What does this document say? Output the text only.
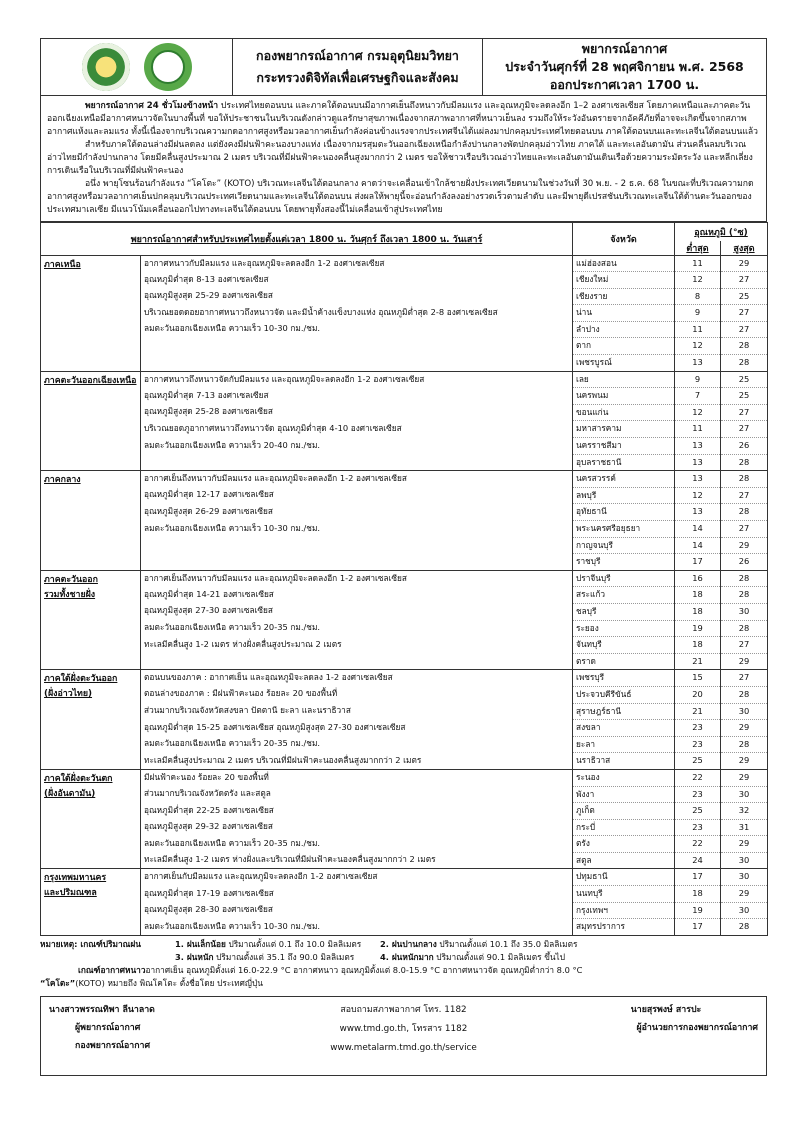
กองพยากรณ์อากาศ กรมอุตุนิยมวิทยา
กระทรวงดิจิทัลเพื่อเศรษฐกิจและสังคม
พยากรณ์อากาศ
ประจำวันศุกร์ที่ 28 พฤศจิกายน พ.ศ. 2568
ออกประกาศเวลา 1700 น.

พยากรณ์อากาศ 24 ชั่วโมงข้างหน้า ประเทศไทยตอนบน และภาคใต้ตอนบนมีอากาศเย็นถึงหนาวกับมีลมแรง และอุณหภูมิจะลดลงอีก 1–2 องศาเซลเซียส โดยภาคเหนือและภาคตะวันออกเฉียงเหนือมีอากาศหนาวจัดในบางพื้นที่ ขอให้ประชาชนในบริเวณดังกล่าวดูแลรักษาสุขภาพเนื่องจากสภาพอากาศที่หนาวเย็นลง รวมถึงให้ระวังอันตรายจากอัคคีภัยที่อาจจะเกิดขึ้นจากสภาพอากาศแห้งและลมแรง ทั้งนี้เนื่องจากบริเวณความกดอากาศสูงหรือมวลอากาศเย็นกำลังค่อนข้างแรงจากประเทศจีนได้แผ่ลงมาปกคลุมประเทศไทยตอนบน ภาคใต้ตอนบนและทะเลจีนใต้ตอนบนแล้ว

สำหรับภาคใต้ตอนล่างมีฝนลดลง แต่ยังคงมีฝนฟ้าคะนองบางแห่ง เนื่องจากมรสุมตะวันออกเฉียงเหนือกำลังปานกลางพัดปกคลุมอ่าวไทย ภาคใต้ และทะเลอันดามัน ส่วนคลื่นลมบริเวณอ่าวไทยมีกำลังปานกลาง โดยมีคลื่นสูงประมาณ 2 เมตร บริเวณที่มีฝนฟ้าคะนองคลื่นสูงมากกว่า 2 เมตร ขอให้ชาวเรือบริเวณอ่าวไทยและทะเลอันดามันเดินเรือด้วยความระมัดระวัง และหลีกเลี่ยงการเดินเรือในบริเวณที่มีฝนฟ้าคะนอง

อนึ่ง พายุโซนร้อนกำลังแรง “โคโตะ” (KOTO) บริเวณทะเลจีนใต้ตอนกลาง คาดว่าจะเคลื่อนเข้าใกล้ชายฝั่งประเทศเวียดนามในช่วงวันที่ 30 พ.ย. - 2 ธ.ค. 68 ในขณะที่บริเวณความกดอากาศสูงหรือมวลอากาศเย็นปกคลุมบริเวณประเทศเวียดนามและทะเลจีนใต้ตอนบน ส่งผลให้พายุนี้จะอ่อนกำลังลงอย่างรวดเร็วตามลำดับ และมีพายุดีเปรสชันบริเวณทะเลจีนใต้ด้านตะวันออกของประเทศมาเลเซีย มีแนวโน้มเคลื่อนออกไปทางทะเลจีนใต้ตอนบน โดยพายุทั้งสองนี้ไม่เคลื่อนเข้าสู่ประเทศไทย

พยากรณ์อากาศสำหรับประเทศไทยตั้งแต่เวลา 1800 น. วันศุกร์ ถึงเวลา 1800 น. วันเสาร์		จังหวัด	อุณหภูมิ (°ซ)	
			ต่ำสุด	สูงสุด

ภาคเหนือ	อากาศหนาวกับมีลมแรง และอุณหภูมิจะลดลงอีก 1-2 องศาเซลเซียส	แม่ฮ่องสอน	11	29
	อุณหภูมิต่ำสุด 8-13 องศาเซลเซียส	เชียงใหม่	12	27
	อุณหภูมิสูงสุด 25-29 องศาเซลเซียส	เชียงราย	8	25
	บริเวณยอดดอยอากาศหนาวถึงหนาวจัด และมีน้ำค้างแข็งบางแห่ง อุณหภูมิต่ำสุด 2-8 องศาเซลเซียส	น่าน	9	27
	ลมตะวันออกเฉียงเหนือ ความเร็ว 10-30 กม./ชม.	ลำปาง	11	27
		ตาก	12	28
		เพชรบูรณ์	13	28

ภาคตะวันออกเฉียงเหนือ	อากาศหนาวถึงหนาวจัดกับมีลมแรง และอุณหภูมิจะลดลงอีก 1-2 องศาเซลเซียส	เลย	9	25
	อุณหภูมิต่ำสุด 7-13 องศาเซลเซียส	นครพนม	7	25
	อุณหภูมิสูงสุด 25-28 องศาเซลเซียส	ขอนแก่น	12	27
	บริเวณยอดภูอากาศหนาวถึงหนาวจัด อุณหภูมิต่ำสุด 4-10 องศาเซลเซียส	มหาสารคาม	11	27
	ลมตะวันออกเฉียงเหนือ ความเร็ว 20-40 กม./ชม.	นครราชสีมา	13	26
		อุบลราชธานี	13	28

ภาคกลาง	อากาศเย็นถึงหนาวกับมีลมแรง และอุณหภูมิจะลดลงอีก 1-2 องศาเซลเซียส	นครสวรรค์	13	28
	อุณหภูมิต่ำสุด 12-17 องศาเซลเซียส	ลพบุรี	12	27
	อุณหภูมิสูงสุด 26-29 องศาเซลเซียส	อุทัยธานี	13	28
	ลมตะวันออกเฉียงเหนือ ความเร็ว 10-30 กม./ชม.	พระนครศรีอยุธยา	14	27
		กาญจนบุรี	14	29
		ราชบุรี	17	26

ภาคตะวันออก
รวมทั้งชายฝั่ง	อากาศเย็นถึงหนาวกับมีลมแรง และอุณหภูมิจะลดลงอีก 1-2 องศาเซลเซียส	ปราจีนบุรี	16	28
	อุณหภูมิต่ำสุด 14-21 องศาเซลเซียส	สระแก้ว	18	28
	อุณหภูมิสูงสุด 27-30 องศาเซลเซียส	ชลบุรี	18	30
	ลมตะวันออกเฉียงเหนือ ความเร็ว 20-35 กม./ชม.	ระยอง	19	28
	ทะเลมีคลื่นสูง 1-2 เมตร ห่างฝั่งคลื่นสูงประมาณ 2 เมตร	จันทบุรี	18	27
		ตราด	21	29

ภาคใต้ฝั่งตะวันออก
(ฝั่งอ่าวไทย)	ตอนบนของภาค : อากาศเย็น และอุณหภูมิจะลดลง 1-2 องศาเซลเซียส	เพชรบุรี	15	27
	ตอนล่างของภาค : มีฝนฟ้าคะนอง ร้อยละ 20 ของพื้นที่	ประจวบคีรีขันธ์	20	28
	ส่วนมากบริเวณจังหวัดสงขลา ปัตตานี ยะลา และนราธิวาส	สุราษฎร์ธานี	21	30
	อุณหภูมิต่ำสุด 15-25 องศาเซลเซียส อุณหภูมิสูงสุด 27-30 องศาเซลเซียส	สงขลา	23	29
	ลมตะวันออกเฉียงเหนือ ความเร็ว 20-35 กม./ชม.	ยะลา	23	28
	ทะเลมีคลื่นสูงประมาณ 2 เมตร บริเวณที่มีฝนฟ้าคะนองคลื่นสูงมากกว่า 2 เมตร	นราธิวาส	25	29

ภาคใต้ฝั่งตะวันตก
(ฝั่งอันดามัน)	มีฝนฟ้าคะนอง ร้อยละ 20 ของพื้นที่	ระนอง	22	29
	ส่วนมากบริเวณจังหวัดตรัง และสตูล	พังงา	23	30
	อุณหภูมิต่ำสุด 22-25 องศาเซลเซียส	ภูเก็ต	25	32
	อุณหภูมิสูงสุด 29-32 องศาเซลเซียส	กระบี่	23	31
	ลมตะวันออกเฉียงเหนือ ความเร็ว 20-35 กม./ชม.	ตรัง	22	29
	ทะเลมีคลื่นสูง 1-2 เมตร ห่างฝั่งและบริเวณที่มีฝนฟ้าคะนองคลื่นสูงมากกว่า 2 เมตร	สตูล	24	30

กรุงเทพมหานคร
และปริมณฑล	อากาศเย็นกับมีลมแรง และอุณหภูมิจะลดลงอีก 1-2 องศาเซลเซียส	ปทุมธานี	17	30
	อุณหภูมิต่ำสุด 17-19 องศาเซลเซียส	นนทบุรี	18	29
	อุณหภูมิสูงสุด 28-30 องศาเซลเซียส	กรุงเทพฯ	19	30
	ลมตะวันออกเฉียงเหนือ ความเร็ว 10-30 กม./ชม.	สมุทรปราการ	17	28
หมายเหตุ: เกณฑ์ปริมาณฝน	1. ฝนเล็กน้อย ปริมาณตั้งแต่ 0.1 ถึง 10.0 มิลลิเมตร	2. ฝนปานกลาง ปริมาณตั้งแต่ 10.1 ถึง 35.0 มิลลิเมตร
3. ฝนหนัก ปริมาณตั้งแต่ 35.1 ถึง 90.0 มิลลิเมตร	4. ฝนหนักมาก ปริมาณตั้งแต่ 90.1 มิลลิเมตร ขึ้นไป
เกณฑ์อากาศหนาว อากาศเย็น อุณหภูมิตั้งแต่ 16.0-22.9 °C อากาศหนาว อุณหภูมิตั้งแต่ 8.0-15.9 °C อากาศหนาวจัด อุณหภูมิต่ำกว่า 8.0 °C
“โคโตะ” (KOTO) หมายถึง พิณโคโตะ ตั้งชื่อโดย ประเทศญี่ปุ่น
นางสาวพรรณทิพา ลีนาลาด
ผู้พยากรณ์อากาศ
กองพยากรณ์อากาศ
สอบถามสภาพอากาศ โทร. 1182
www.tmd.go.th, โทรสาร 1182
www.metalarm.tmd.go.th/service
นายสุรพงษ์ สารปะ
ผู้อำนวยการกองพยากรณ์อากาศ
